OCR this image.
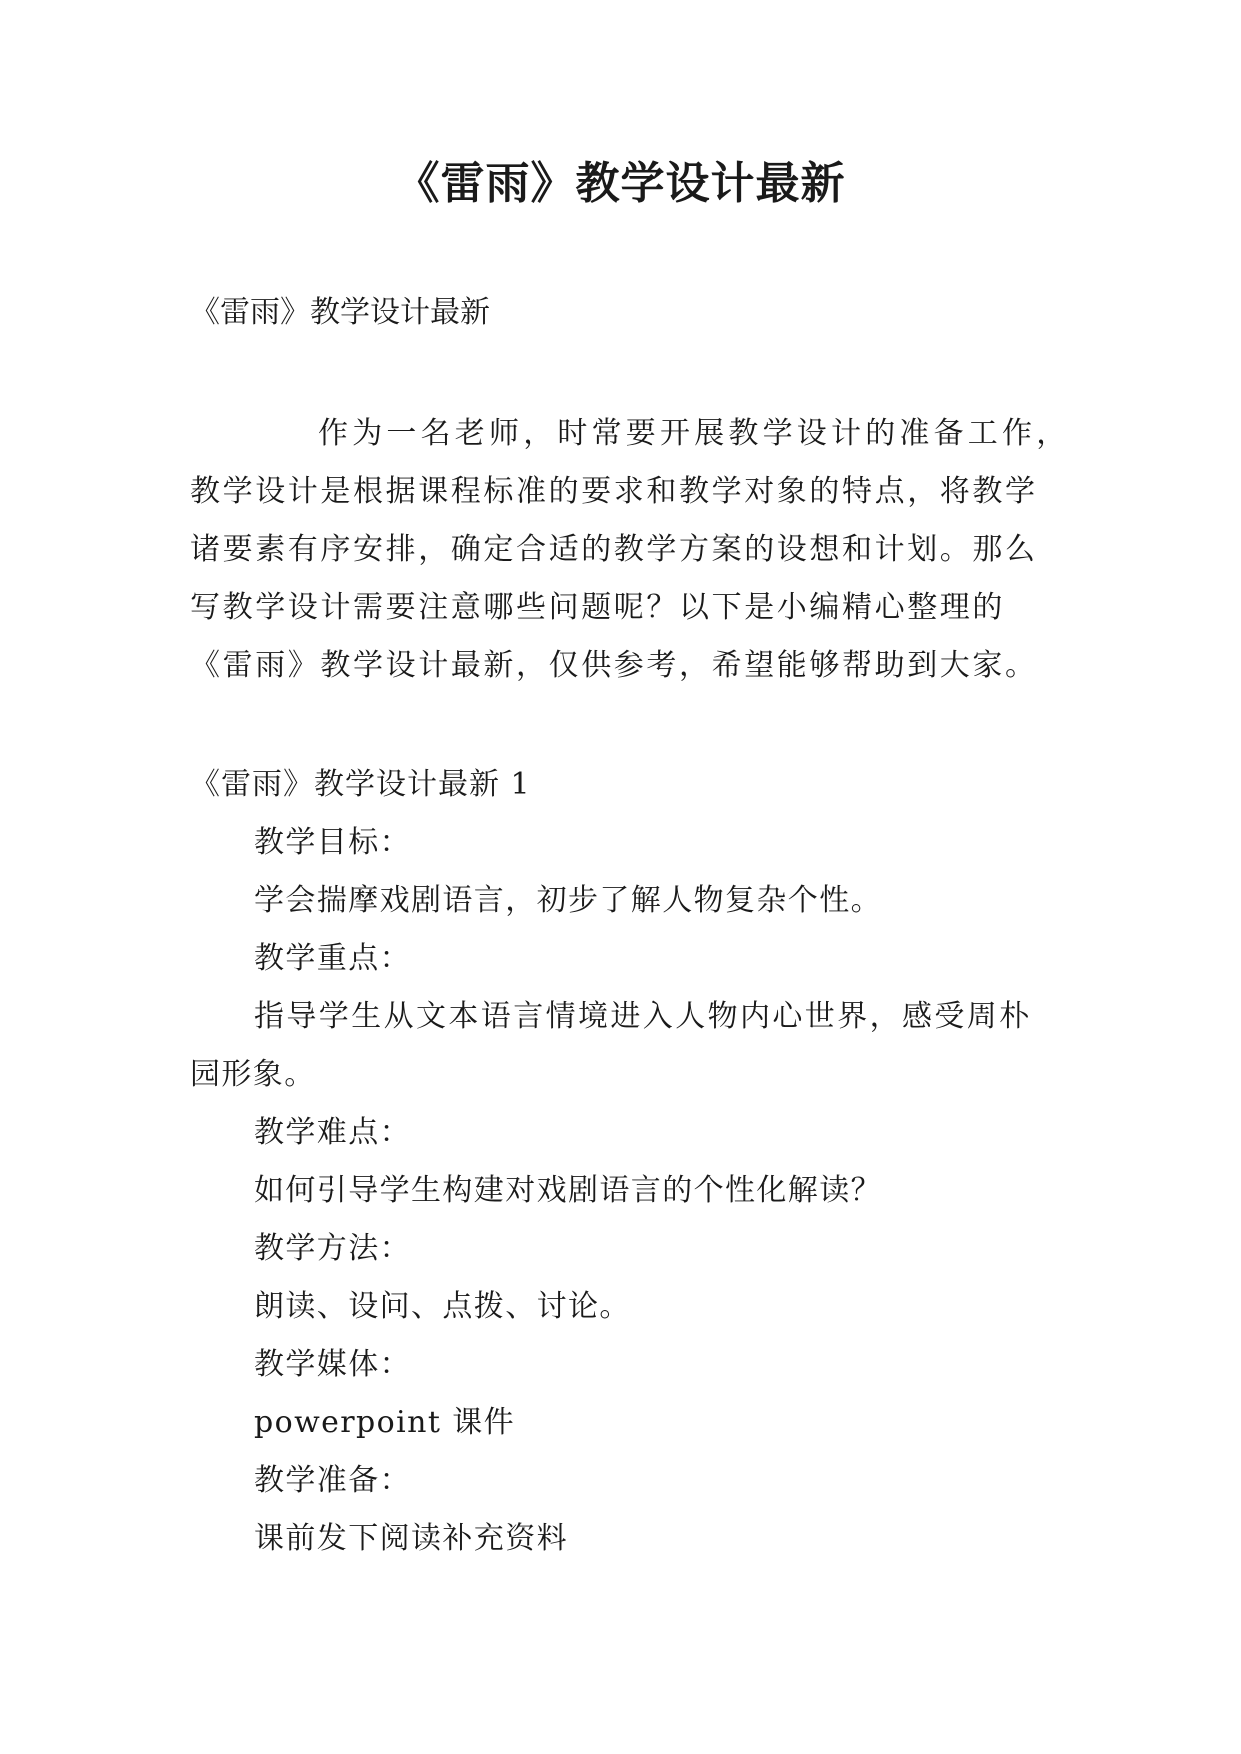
《雷雨》教学设计最新
《雷雨》教学设计最新
作为一名老师，时常要开展教学设计的准备工作，
教学设计是根据课程标准的要求和教学对象的特点，将教学
诸要素有序安排，确定合适的教学方案的设想和计划。那么
写教学设计需要注意哪些问题呢？以下是小编精心整理的
《雷雨》教学设计最新，仅供参考，希望能够帮助到大家。
《雷雨》教学设计最新 1
教学目标：
学会揣摩戏剧语言，初步了解人物复杂个性。
教学重点：
指导学生从文本语言情境进入人物内心世界，感受周朴
园形象。
教学难点：
如何引导学生构建对戏剧语言的个性化解读？
教学方法：
朗读、设问、点拨、讨论。
教学媒体：
powerpoint 课件
教学准备：
课前发下阅读补充资料
